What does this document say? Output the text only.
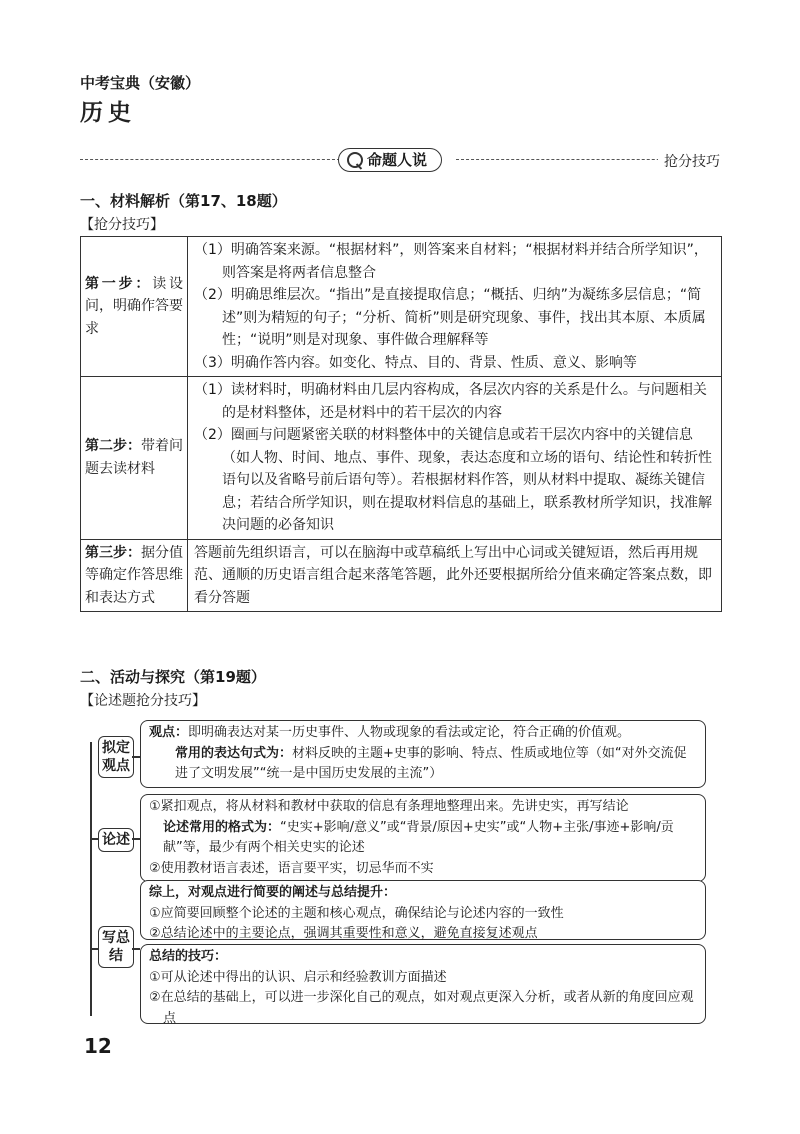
中考宝典（安徽）
历史
命题人说	抢分技巧
一、材料解析（第17、18题）
【抢分技巧】
第一步：读设问，明确作答要求	（1）明确答案来源。“根据材料”，则答案来自材料；“根据材料并结合所学知识”，则答案是将两者信息整合

（2）明确思维层次。“指出”是直接提取信息；“概括、归纳”为凝练多层信息；“简述”则为精短的句子；“分析、简析”则是研究现象、事件，找出其本原、本质属性；“说明”则是对现象、事件做合理解释等

（3）明确作答内容。如变化、特点、目的、背景、性质、意义、影响等

第二步：带着问题去读材料	（1）读材料时，明确材料由几层内容构成，各层次内容的关系是什么。与问题相关的是材料整体，还是材料中的若干层次的内容

（2）圈画与问题紧密关联的材料整体中的关键信息或若干层次内容中的关键信息（如人物、时间、地点、事件、现象，表达态度和立场的语句、结论性和转折性语句以及省略号前后语句等）。若根据材料作答，则从材料中提取、凝练关键信息；若结合所学知识，则在提取材料信息的基础上，联系教材所学知识，找准解决问题的必备知识

第三步：据分值等确定作答思维和表达方式	答题前先组织语言，可以在脑海中或草稿纸上写出中心词或关键短语，然后再用规范、通顺的历史语言组合起来落笔答题，此外还要根据所给分值来确定答案点数，即看分答题

二、活动与探究（第19题）
【论述题抢分技巧】
拟定
观点
观点：即明确表达对某一历史事件、人物或现象的看法或定论，符合正确的价值观。
常用的表达句式为：材料反映的主题+史事的影响、特点、性质或地位等（如“对外交流促进了文明发展”“统一是中国历史发展的主流”）
论述
①紧扣观点，将从材料和教材中获取的信息有条理地整理出来。先讲史实，再写结论
论述常用的格式为：“史实+影响/意义”或“背景/原因+史实”或“人物+主张/事迹+影响/贡献”等，最少有两个相关史实的论述
②使用教材语言表述，语言要平实，切忌华而不实
写总
结
综上，对观点进行简要的阐述与总结提升：
①应简要回顾整个论述的主题和核心观点，确保结论与论述内容的一致性
②总结论述中的主要论点，强调其重要性和意义，避免直接复述观点
总结的技巧：
①可从论述中得出的认识、启示和经验教训方面描述
②在总结的基础上，可以进一步深化自己的观点，如对观点更深入分析，或者从新的角度回应观点
12
